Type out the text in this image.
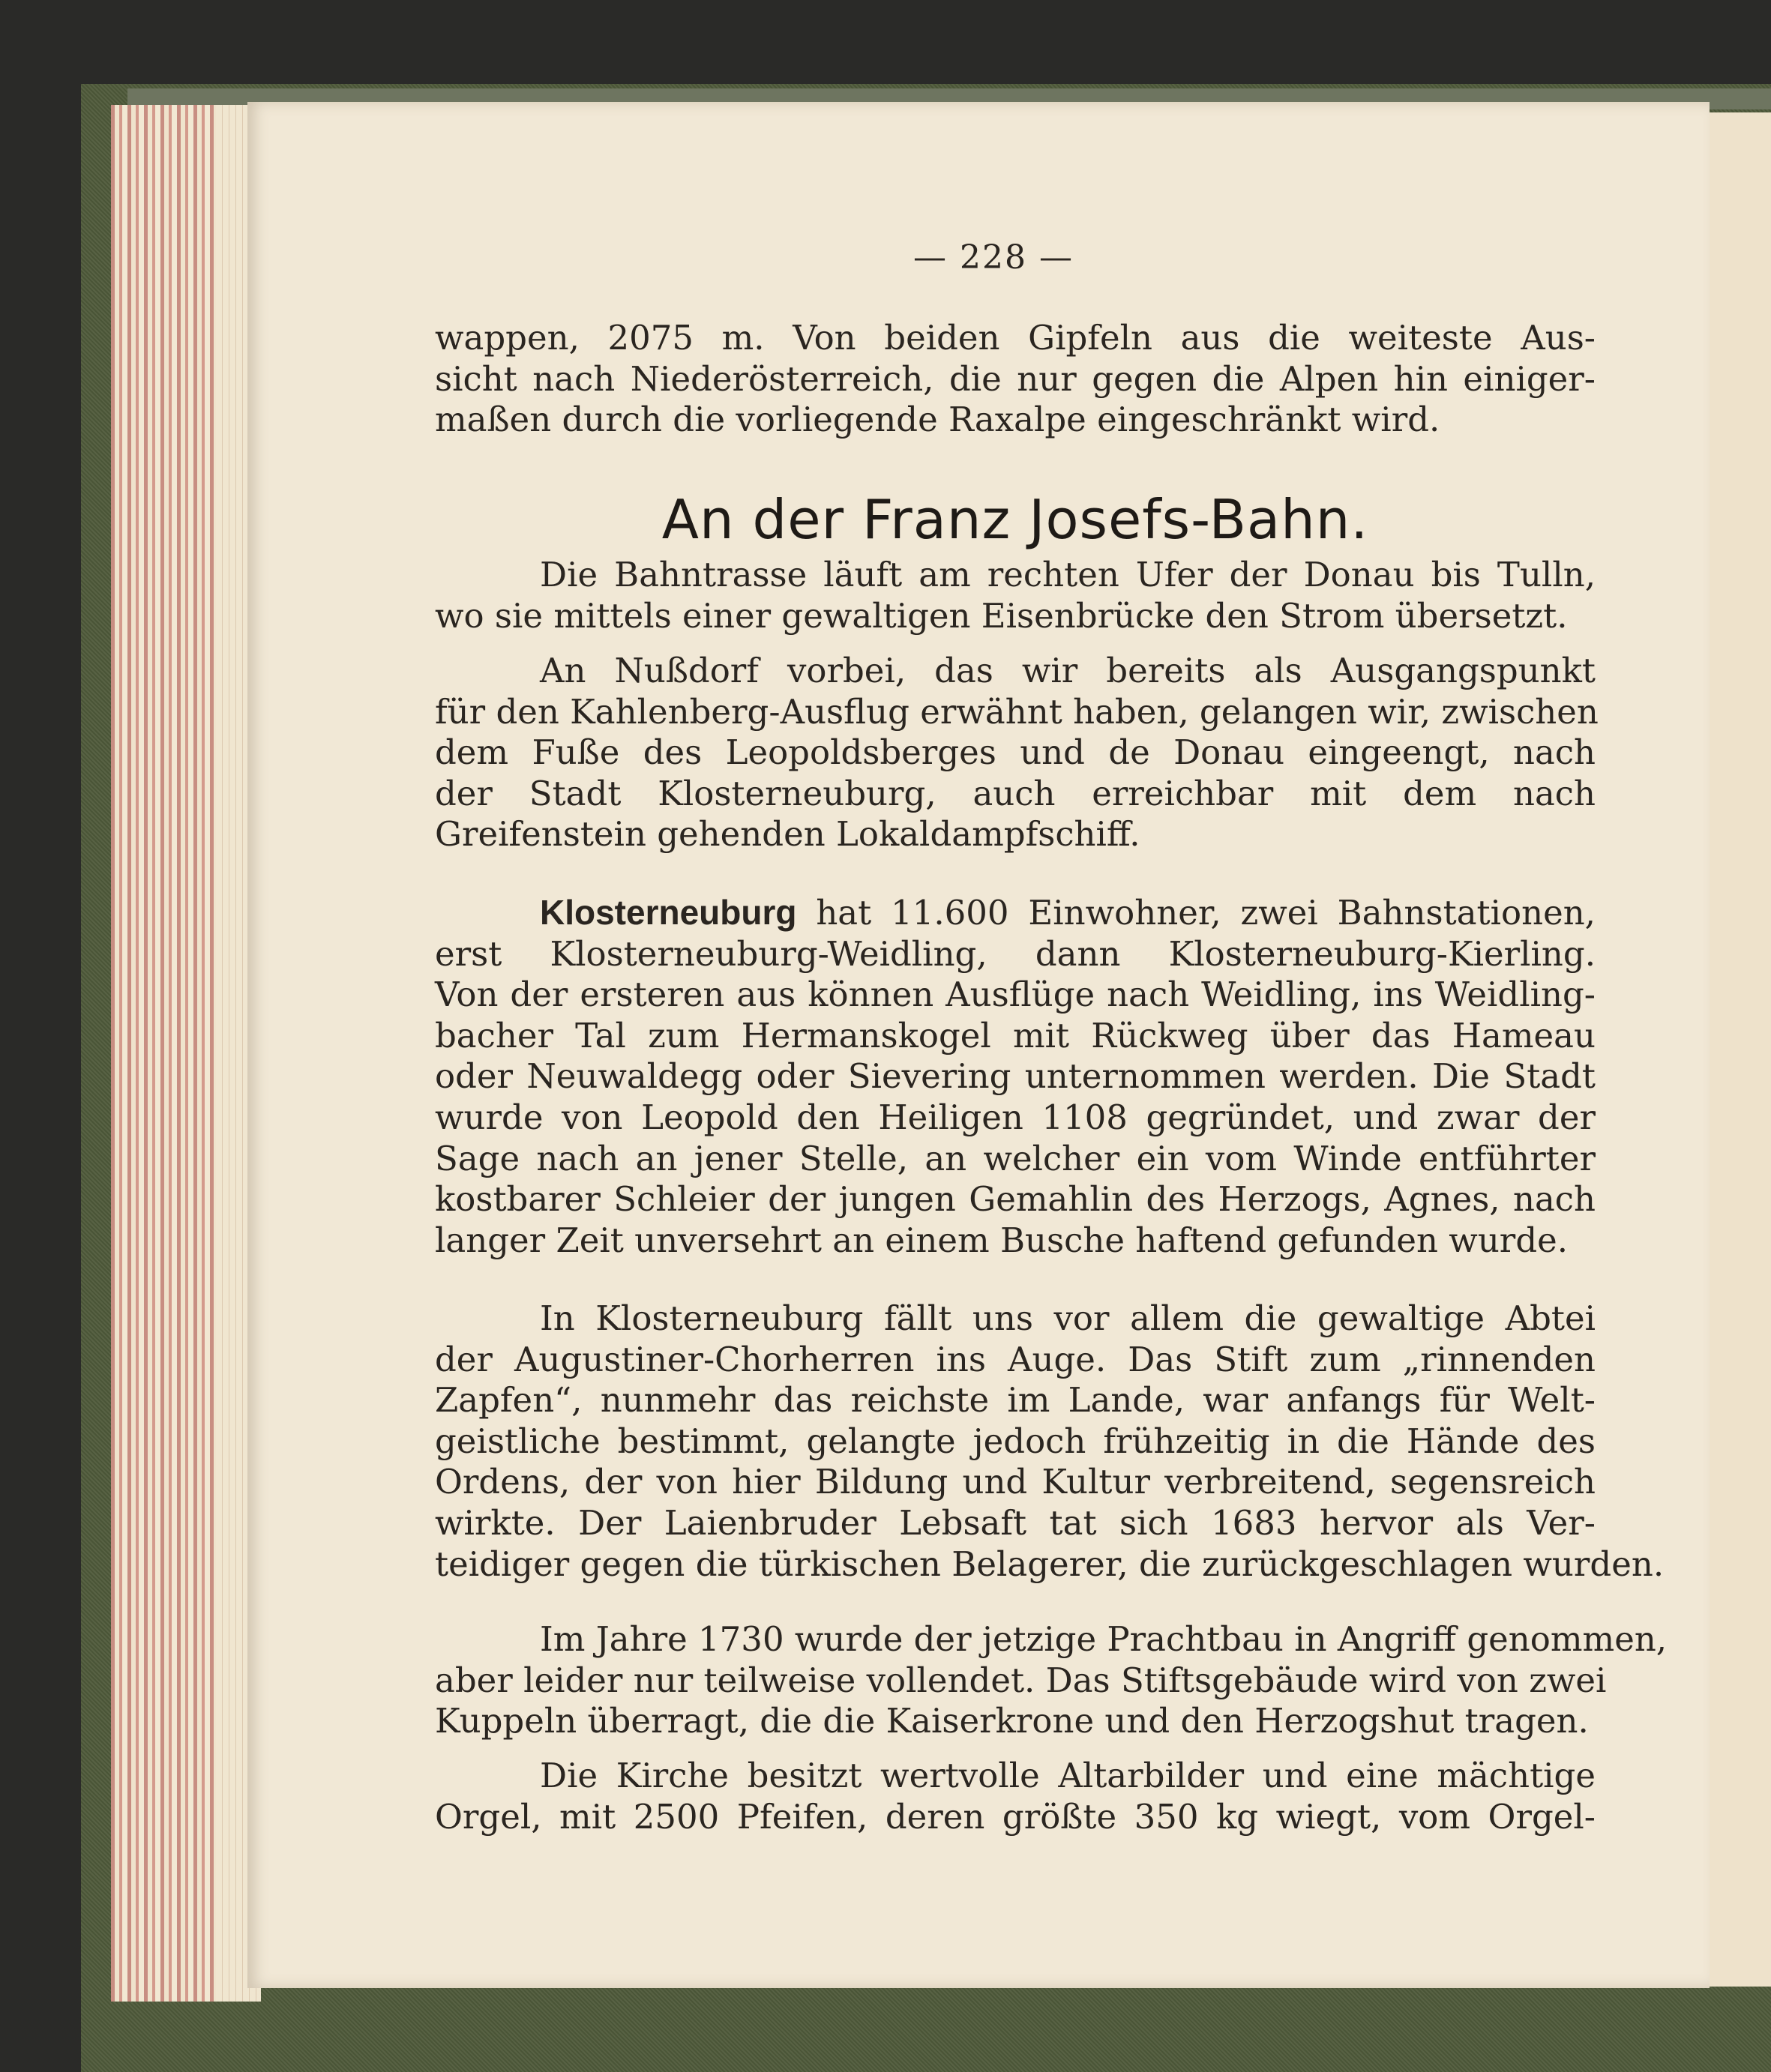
— 228 —
wappen, 2075 m. Von beiden Gipfeln aus die weiteste Aus-
sicht nach Niederösterreich, die nur gegen die Alpen hin einiger-
maßen durch die vorliegende Raxalpe eingeschränkt wird.
An der Franz Josefs-Bahn.
Die Bahntrasse läuft am rechten Ufer der Donau bis Tulln,
wo sie mittels einer gewaltigen Eisenbrücke den Strom übersetzt.
An Nußdorf vorbei, das wir bereits als Ausgangspunkt
für den Kahlenberg-Ausflug erwähnt haben, gelangen wir, zwischen
dem Fuße des Leopoldsberges und de Donau eingeengt, nach
der Stadt Klosterneuburg, auch erreichbar mit dem nach
Greifenstein gehenden Lokaldampfschiff.
Klosterneuburg hat 11.600 Einwohner, zwei Bahnstationen,
erst Klosterneuburg-Weidling, dann Klosterneuburg-Kierling.
Von der ersteren aus können Ausflüge nach Weidling, ins Weidling-
bacher Tal zum Hermanskogel mit Rückweg über das Hameau
oder Neuwaldegg oder Sievering unternommen werden. Die Stadt
wurde von Leopold den Heiligen 1108 gegründet, und zwar der
Sage nach an jener Stelle, an welcher ein vom Winde entführter
kostbarer Schleier der jungen Gemahlin des Herzogs, Agnes, nach
langer Zeit unversehrt an einem Busche haftend gefunden wurde.
In Klosterneuburg fällt uns vor allem die gewaltige Abtei
der Augustiner-Chorherren ins Auge. Das Stift zum „rinnenden
Zapfen“, nunmehr das reichste im Lande, war anfangs für Welt-
geistliche bestimmt, gelangte jedoch frühzeitig in die Hände des
Ordens, der von hier Bildung und Kultur verbreitend, segensreich
wirkte. Der Laienbruder Lebsaft tat sich 1683 hervor als Ver-
teidiger gegen die türkischen Belagerer, die zurückgeschlagen wurden.
Im Jahre 1730 wurde der jetzige Prachtbau in Angriff genommen,
aber leider nur teilweise vollendet. Das Stiftsgebäude wird von zwei
Kuppeln überragt, die die Kaiserkrone und den Herzogshut tragen.
Die Kirche besitzt wertvolle Altarbilder und eine mächtige
Orgel, mit 2500 Pfeifen, deren größte 350 kg wiegt, vom Orgel-
